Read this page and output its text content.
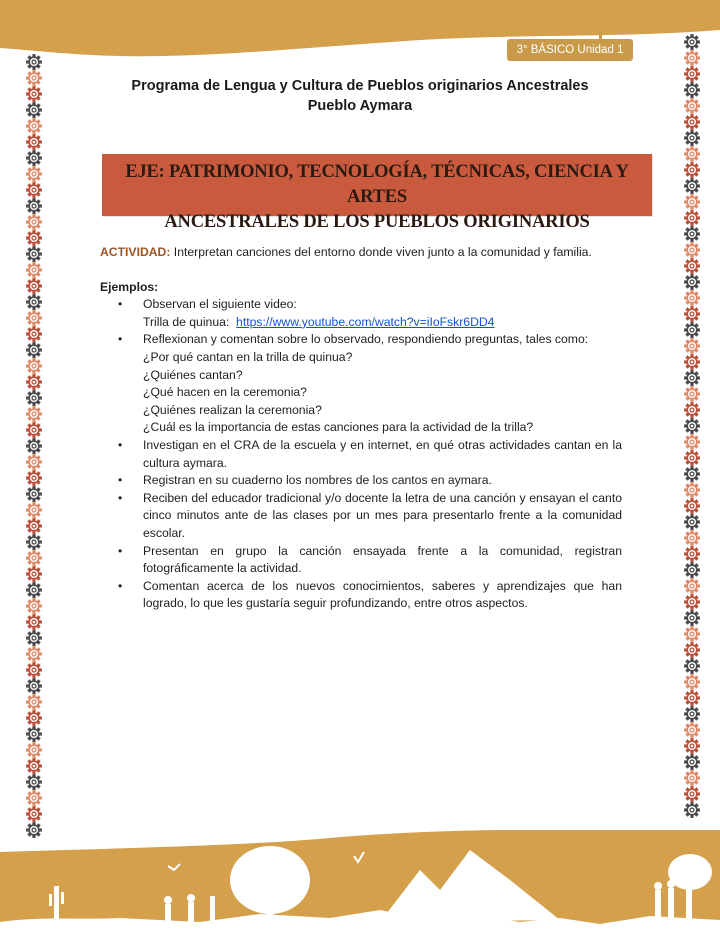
3° BÁSICO Unidad 1
Programa de Lengua y Cultura de Pueblos originarios Ancestrales
Pueblo Aymara
EJE: PATRIMONIO, TECNOLOGÍA, TÉCNICAS, CIENCIA Y ARTES
ANCESTRALES DE LOS PUEBLOS ORIGINARIOS
ACTIVIDAD: Interpretan canciones del entorno donde viven junto a la comunidad y familia.
Ejemplos:
• Observan el siguiente video:
Trilla de quinua:  https://www.youtube.com/watch?v=iIoFskr6DD4
• Reflexionan y comentan sobre lo observado, respondiendo preguntas, tales como:
¿Por qué cantan en la trilla de quinua?
¿Quiénes cantan?
¿Qué hacen en la ceremonia?
¿Quiénes realizan la ceremonia?
¿Cuál es la importancia de estas canciones para la actividad de la trilla?
• Investigan en el CRA de la escuela y en internet, en qué otras actividades cantan en la cultura aymara.
• Registran en su cuaderno los nombres de los cantos en aymara.
• Reciben del educador tradicional y/o docente la letra de una canción y ensayan el canto cinco minutos ante de las clases por un mes para presentarlo frente a la comunidad escolar.
• Presentan en grupo la canción ensayada frente a la comunidad, registran fotográficamente la actividad.
• Comentan acerca de los nuevos conocimientos, saberes y aprendizajes que han logrado, lo que les gustaría seguir profundizando, entre otros aspectos.
